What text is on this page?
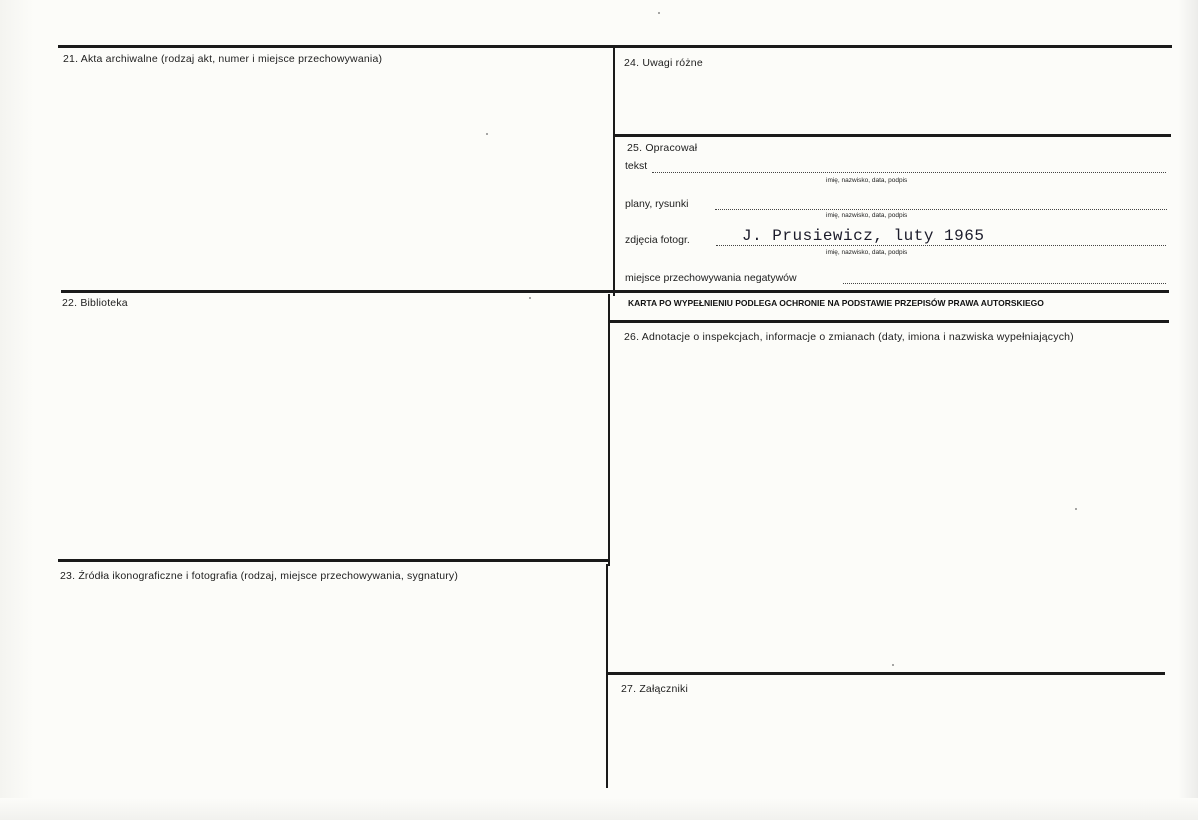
21. Akta archiwalne (rodzaj akt, numer i miejsce przechowywania)
22. Biblioteka
23. Źródła ikonograficzne i fotografia (rodzaj, miejsce przechowywania, sygnatury)
24. Uwagi różne
25. Opracował
tekst
imię, nazwisko, data, podpis
plany, rysunki
imię, nazwisko, data, podpis
zdjęcia fotogr.	J. Prusiewicz, luty 1965
imię, nazwisko, data, podpis
miejsce przechowywania negatywów
KARTA PO WYPEŁNIENIU PODLEGA OCHRONIE NA PODSTAWIE PRZEPISÓW PRAWA AUTORSKIEGO
26. Adnotacje o inspekcjach, informacje o zmianach (daty, imiona i nazwiska wypełniających)
27. Załączniki
